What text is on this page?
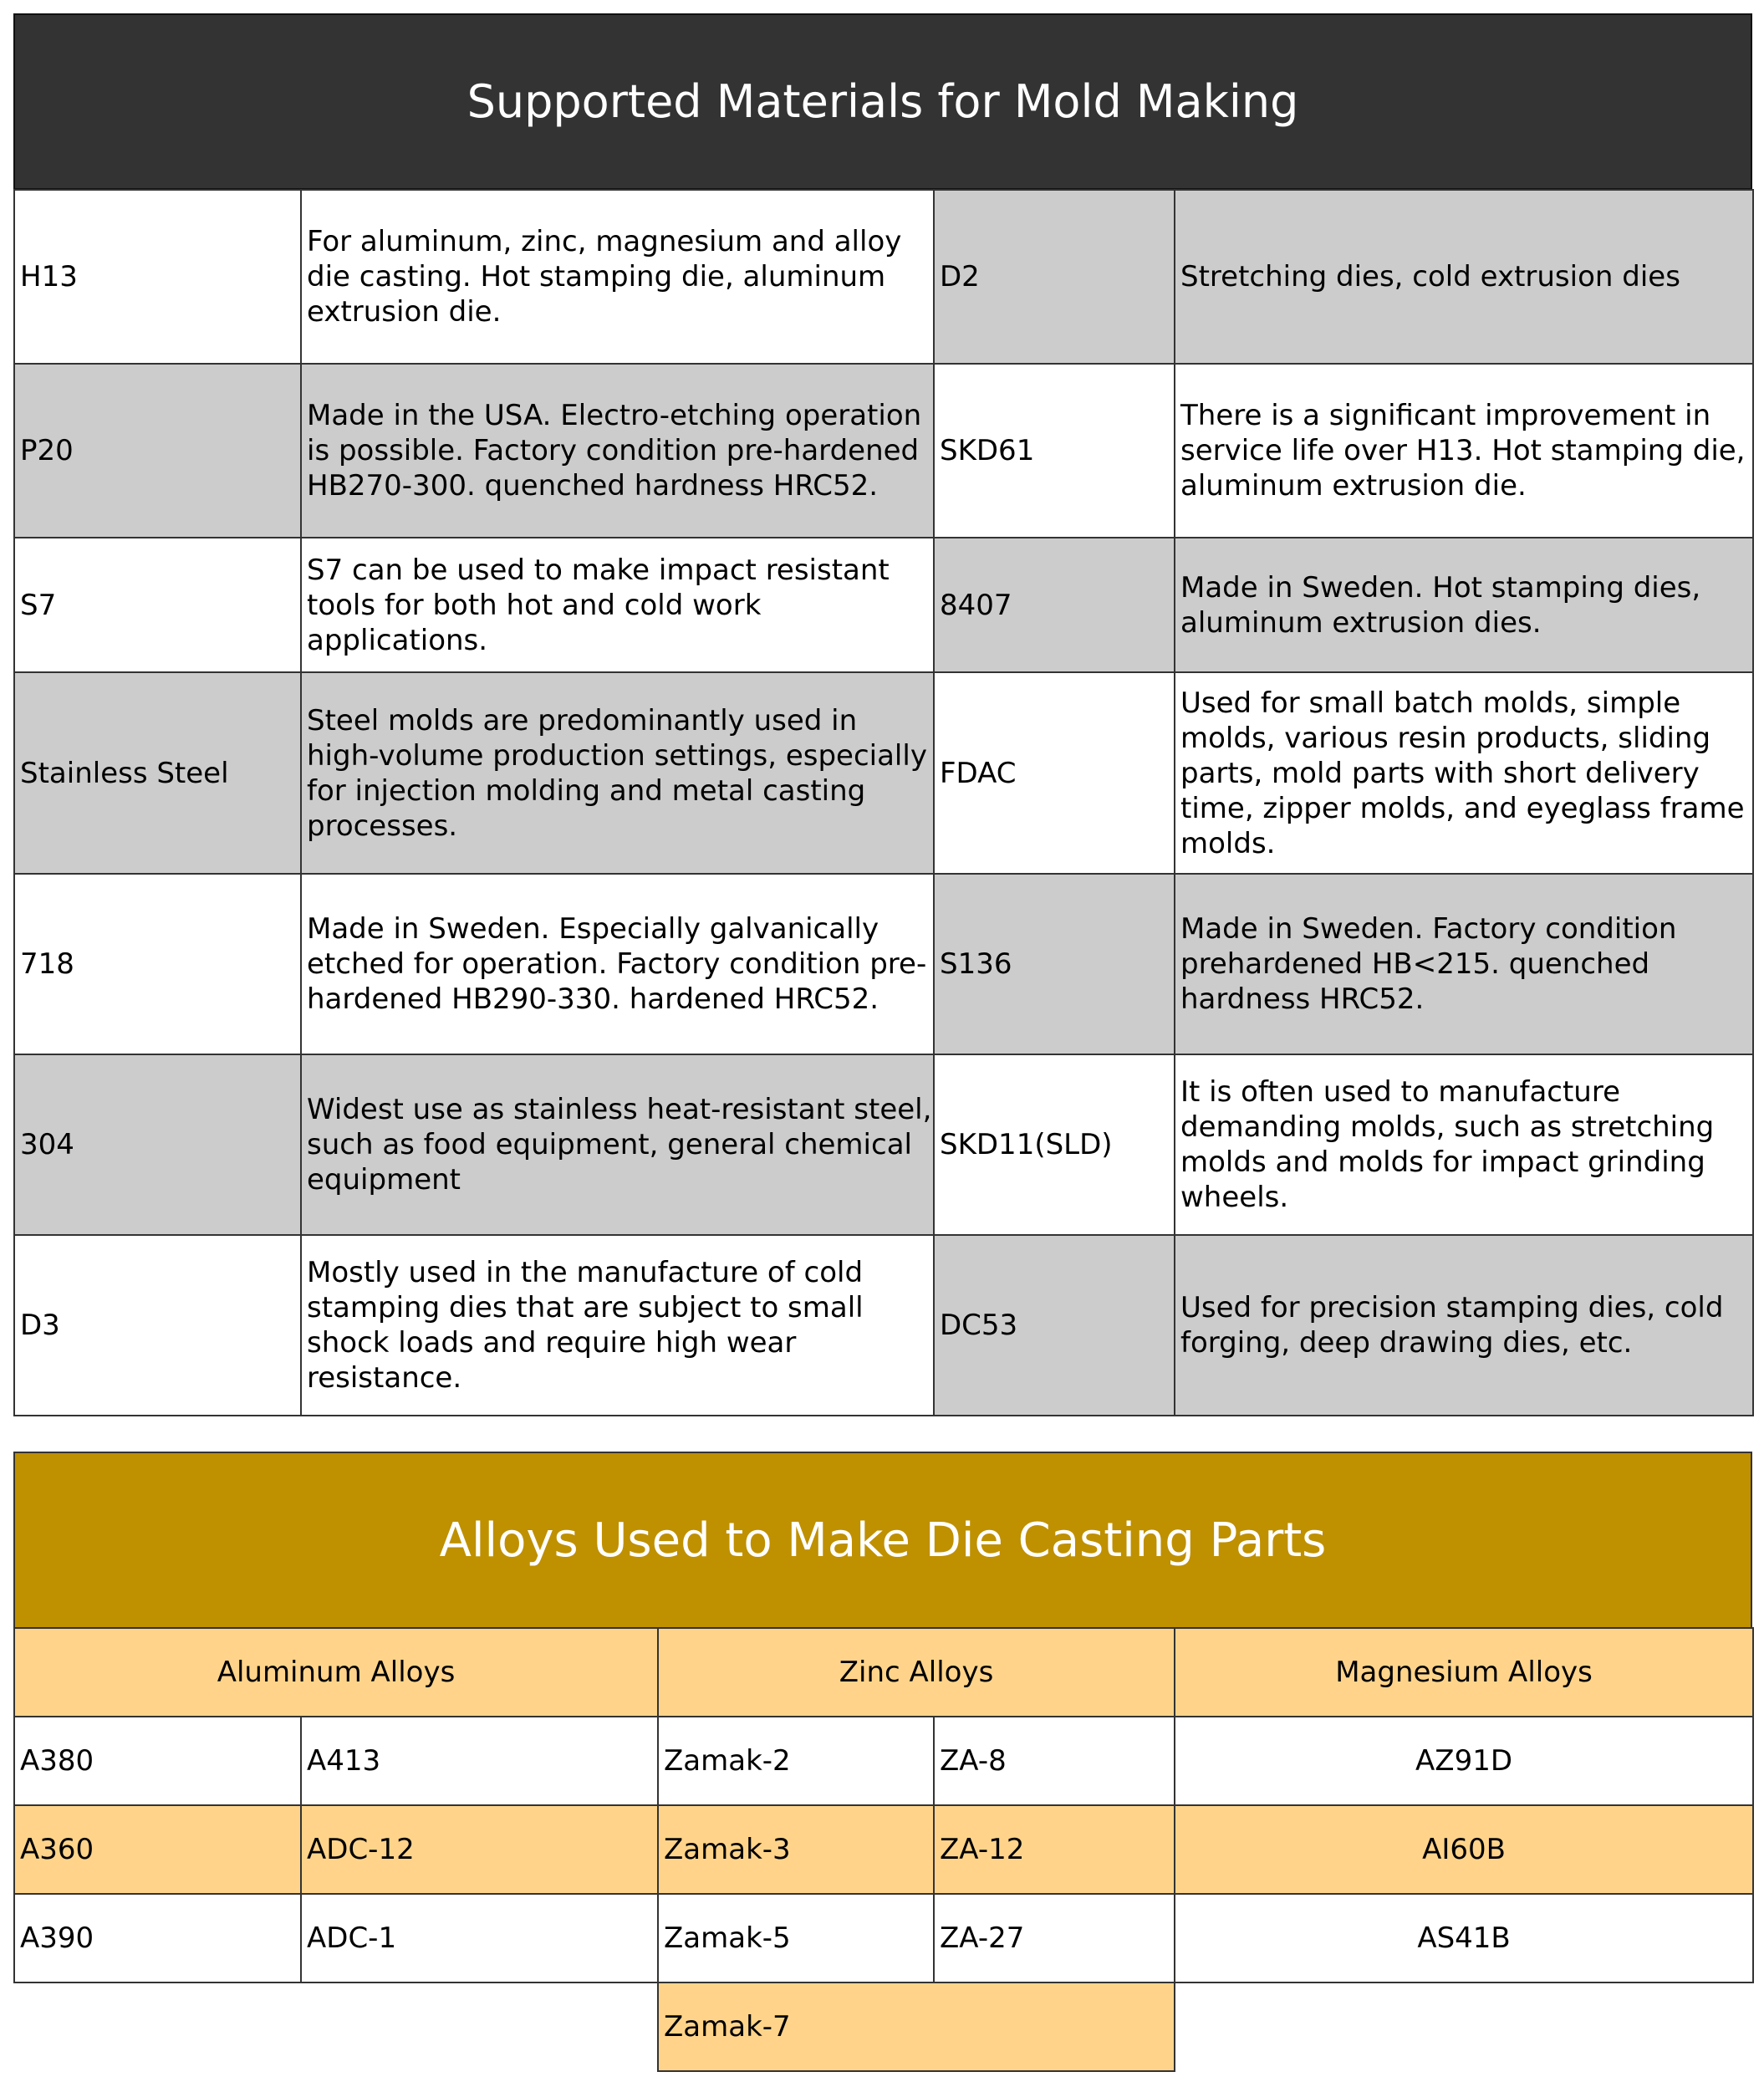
Supported Materials for Mold Making
H13	For aluminum, zinc, magnesium and alloy die casting. Hot stamping die, aluminum extrusion die.	D2	Stretching dies, cold extrusion dies
P20	Made in the USA. Electro-etching operation is possible. Factory condition pre-hardened HB270-300. quenched hardness HRC52.	SKD61	There is a significant improvement in service life over H13. Hot stamping die, aluminum extrusion die.
S7	S7 can be used to make impact resistant tools for both hot and cold work applications.	8407	Made in Sweden. Hot stamping dies, aluminum extrusion dies.
Stainless Steel	Steel molds are predominantly used in high-volume production settings, especially for injection molding and metal casting processes.	FDAC	Used for small batch molds, simple molds, various resin products, sliding parts, mold parts with short delivery time, zipper molds, and eyeglass frame molds.
718	Made in Sweden. Especially galvanically etched for operation. Factory condition pre-hardened HB290-330. hardened HRC52.	S136	Made in Sweden. Factory condition prehardened HB<215. quenched hardness HRC52.
304	Widest use as stainless heat-resistant steel, such as food equipment, general chemical equipment	SKD11(SLD)	It is often used to manufacture demanding molds, such as stretching molds and molds for impact grinding wheels.
D3	Mostly used in the manufacture of cold stamping dies that are subject to small shock loads and require high wear resistance.	DC53	Used for precision stamping dies, cold forging, deep drawing dies, etc.
Alloys Used to Make Die Casting Parts
Aluminum Alloys		Zinc Alloys		Magnesium Alloys
A380	A413	Zamak-2	ZA-8	AZ91D
A360	ADC-12	Zamak-3	ZA-12	AI60B
A390	ADC-1	Zamak-5	ZA-27	AS41B
		Zamak-7		
